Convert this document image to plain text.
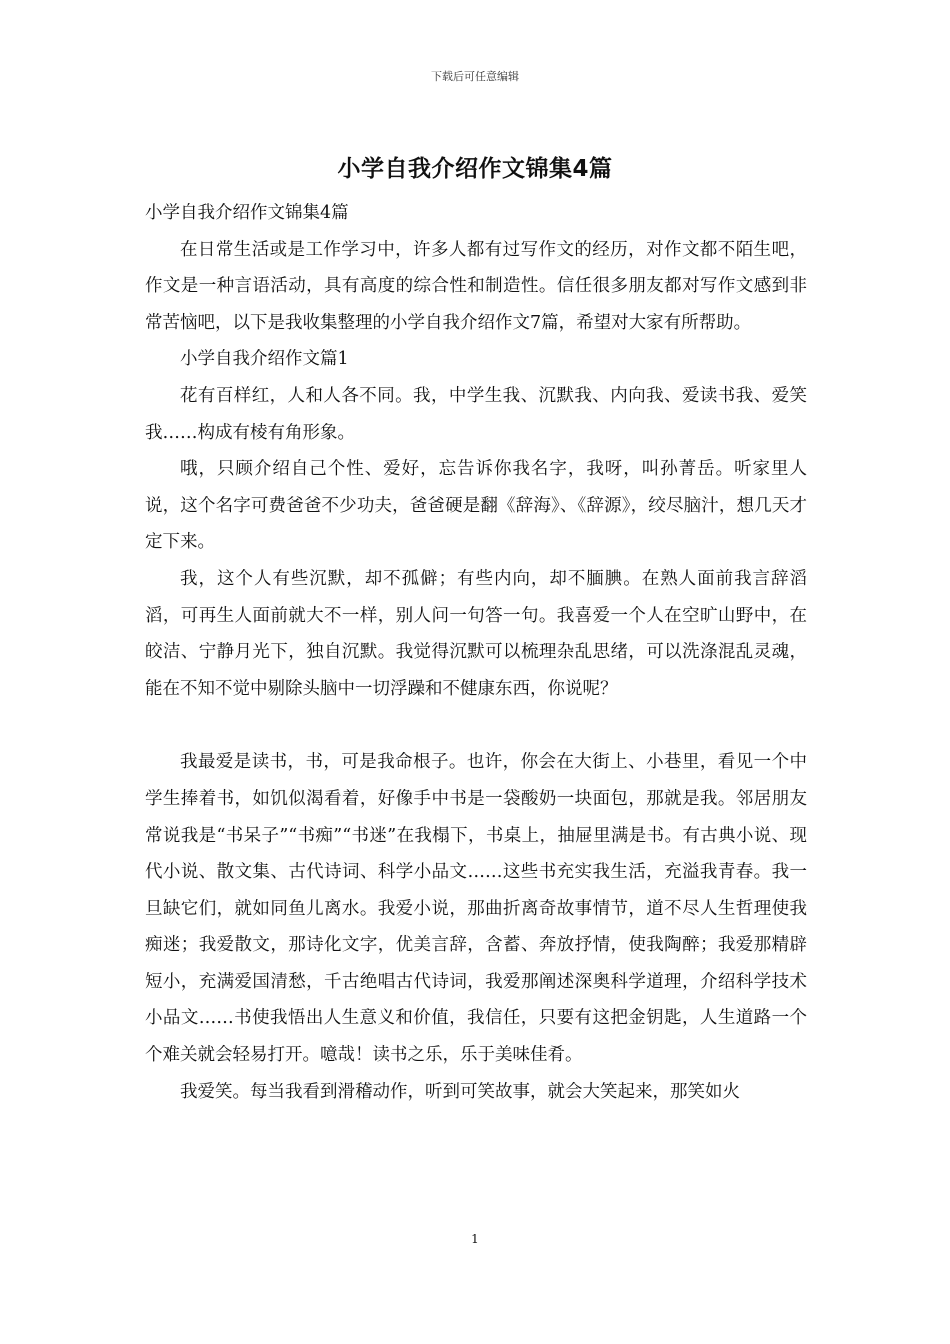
下载后可任意编辑
小学自我介绍作文锦集4篇

小学自我介绍作文锦集4篇

在日常生活或是工作学习中，许多人都有过写作文的经历，对作文都不陌生吧，作文是一种言语活动，具有高度的综合性和制造性。信任很多朋友都对写作文感到非常苦恼吧，以下是我收集整理的小学自我介绍作文7篇，希望对大家有所帮助。

小学自我介绍作文篇1

花有百样红，人和人各不同。我，中学生我、沉默我、内向我、爱读书我、爱笑我……构成有棱有角形象。

哦，只顾介绍自己个性、爱好，忘告诉你我名字，我呀，叫孙菁岳。听家里人说，这个名字可费爸爸不少功夫，爸爸硬是翻《辞海》、《辞源》，绞尽脑汁，想几天才定下来。

我，这个人有些沉默，却不孤僻；有些内向，却不腼腆。在熟人面前我言辞滔滔，可再生人面前就大不一样，别人问一句答一句。我喜爱一个人在空旷山野中，在皎洁、宁静月光下，独自沉默。我觉得沉默可以梳理杂乱思绪，可以洗涤混乱灵魂，能在不知不觉中剔除头脑中一切浮躁和不健康东西，你说呢？

我最爱是读书，书，可是我命根子。也许，你会在大街上、小巷里，看见一个中学生捧着书，如饥似渴看着，好像手中书是一袋酸奶一块面包，那就是我。邻居朋友常说我是“书呆子”“书痴”“书迷”在我榻下，书桌上，抽屉里满是书。有古典小说、现代小说、散文集、古代诗词、科学小品文……这些书充实我生活，充溢我青春。我一旦缺它们，就如同鱼儿离水。我爱小说，那曲折离奇故事情节，道不尽人生哲理使我痴迷；我爱散文，那诗化文字，优美言辞，含蓄、奔放抒情，使我陶醉；我爱那精辟短小，充满爱国清愁，千古绝唱古代诗词，我爱那阐述深奥科学道理，介绍科学技术小品文……书使我悟出人生意义和价值，我信任，只要有这把金钥匙，人生道路一个个难关就会轻易打开。噫哉！读书之乐，乐于美味佳肴。

我爱笑。每当我看到滑稽动作，听到可笑故事，就会大笑起来，那笑如火

1
